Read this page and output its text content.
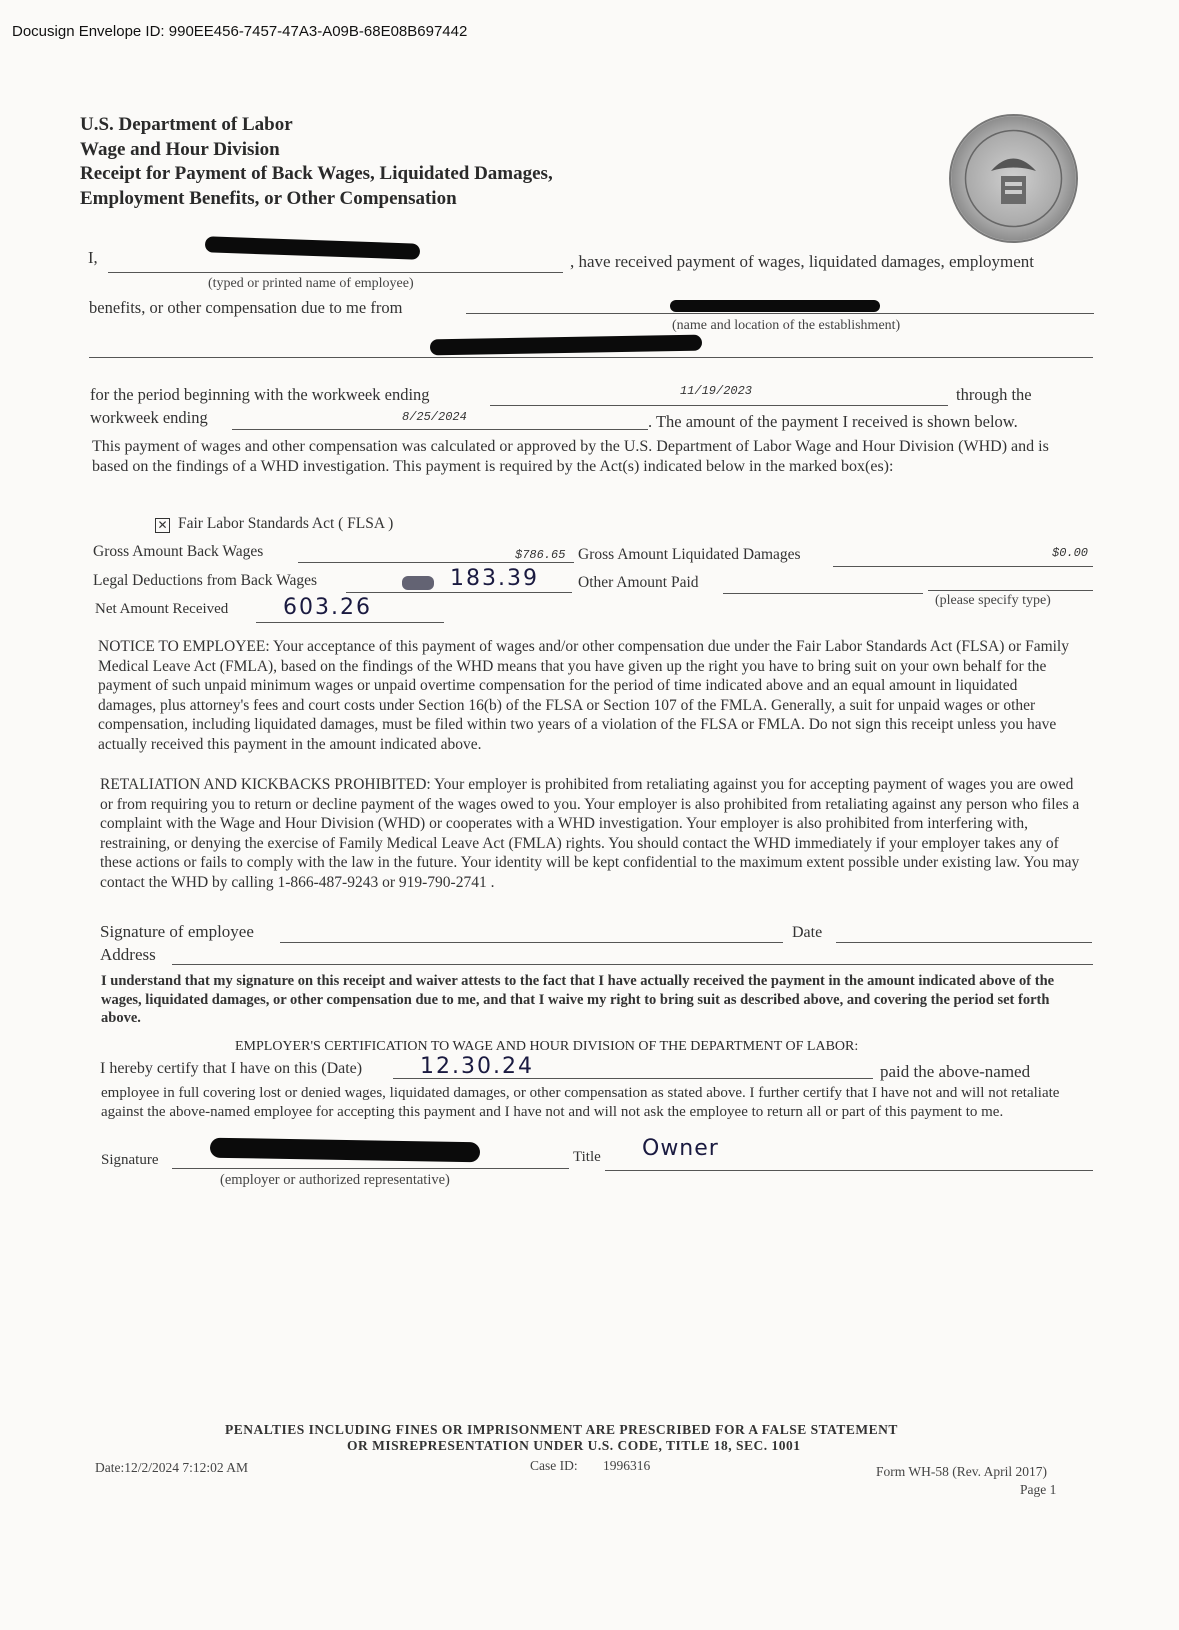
Docusign Envelope ID: 990EE456-7457-47A3-A09B-68E08B697442
U.S. Department of Labor
Wage and Hour Division
Receipt for Payment of Back Wages, Liquidated Damages,
Employment Benefits, or Other Compensation
I,	, have received payment of wages, liquidated damages, employment
(typed or printed name of employee)
benefits, or other compensation due to me from
(name and location of the establishment)
for the period beginning with the workweek ending	11/19/2023	through the
workweek ending	8/25/2024	. The amount of the payment I received is shown below.
This payment of wages and other compensation was calculated or approved by the U.S. Department of Labor Wage and Hour Division (WHD) and is based on the findings of a WHD investigation. This payment is required by the Act(s) indicated below in the marked box(es):
✕ Fair Labor Standards Act ( FLSA )
Gross Amount Back Wages	$786.65 Gross Amount Liquidated Damages	$0.00
Legal Deductions from Back Wages	183.39	Other Amount Paid
(please specify type)
Net Amount Received 603.26
NOTICE TO EMPLOYEE: Your acceptance of this payment of wages and/or other compensation due under the Fair Labor Standards Act (FLSA) or Family Medical Leave Act (FMLA), based on the findings of the WHD means that you have given up the right you have to bring suit on your own behalf for the payment of such unpaid minimum wages or unpaid overtime compensation for the period of time indicated above and an equal amount in liquidated damages, plus attorney's fees and court costs under Section 16(b) of the FLSA or Section 107 of the FMLA. Generally, a suit for unpaid wages or other compensation, including liquidated damages, must be filed within two years of a violation of the FLSA or FMLA. Do not sign this receipt unless you have actually received this payment in the amount indicated above.
RETALIATION AND KICKBACKS PROHIBITED: Your employer is prohibited from retaliating against you for accepting payment of wages you are owed or from requiring you to return or decline payment of the wages owed to you. Your employer is also prohibited from retaliating against any person who files a complaint with the Wage and Hour Division (WHD) or cooperates with a WHD investigation. Your employer is also prohibited from interfering with, restraining, or denying the exercise of Family Medical Leave Act (FMLA) rights. You should contact the WHD immediately if your employer takes any of these actions or fails to comply with the law in the future. Your identity will be kept confidential to the maximum extent possible under existing law. You may contact the WHD by calling 1-866-487-9243 or 919-790-2741 .
Signature of employee	Date
Address
I understand that my signature on this receipt and waiver attests to the fact that I have actually received the payment in the amount indicated above of the wages, liquidated damages, or other compensation due to me, and that I waive my right to bring suit as described above, and covering the period set forth above.
EMPLOYER'S CERTIFICATION TO WAGE AND HOUR DIVISION OF THE DEPARTMENT OF LABOR:
I hereby certify that I have on this (Date)	12.30.24	paid the above-named
employee in full covering lost or denied wages, liquidated damages, or other compensation as stated above. I further certify that I have not and will not retaliate against the above-named employee for accepting this payment and I have not and will not ask the employee to return all or part of this payment to me.
Signature	Title Owner
(employer or authorized representative)
PENALTIES INCLUDING FINES OR IMPRISONMENT ARE PRESCRIBED FOR A FALSE STATEMENT
OR MISREPRESENTATION UNDER U.S. CODE, TITLE 18, SEC. 1001
Date:12/2/2024 7:12:02 AM	Case ID: 1996316	Form WH-58 (Rev. April 2017)
Page 1
